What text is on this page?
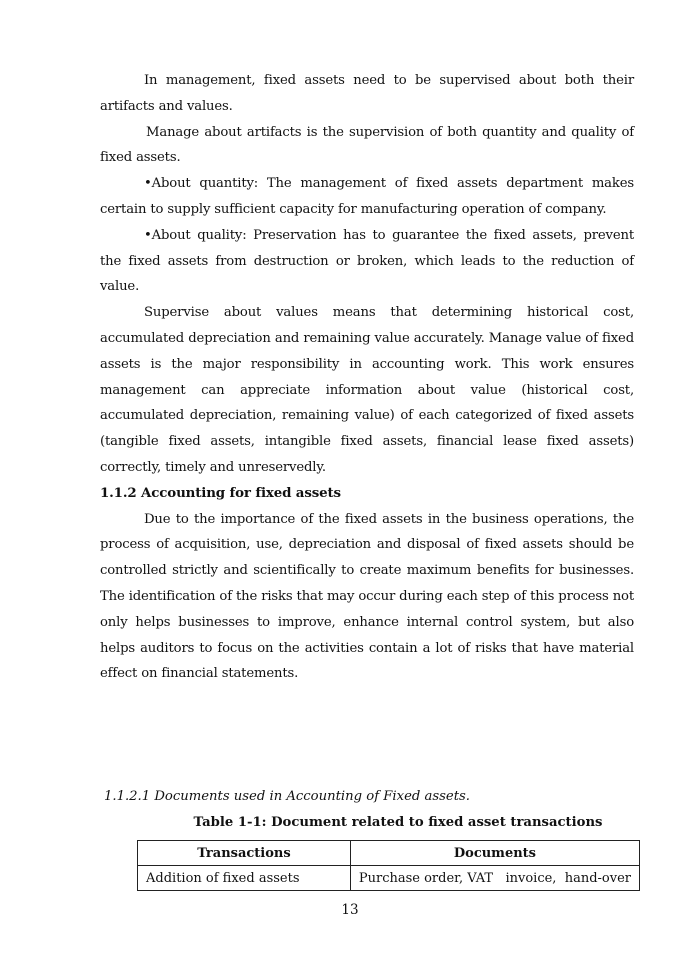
In management, fixed assets need to be supervised about both their artifacts and values.

Manage about artifacts is the supervision of both quantity and quality of fixed assets.

•About quantity: The management of fixed assets department makes certain to supply sufficient capacity for manufacturing operation of company.

•About quality: Preservation has to guarantee the fixed assets, prevent the fixed assets from destruction or broken, which leads to the reduction of value.

Supervise about values means that determining historical cost, accumulated depreciation and remaining value accurately. Manage value of fixed assets is the major responsibility in accounting work. This work ensures management can appreciate information about value (historical cost, accumulated depreciation, remaining value) of each categorized of fixed assets (tangible fixed assets, intangible fixed assets, financial lease fixed assets) correctly, timely and unreservedly.

1.1.2 Accounting for fixed assets

Due to the importance of the fixed assets in the business operations, the process of acquisition, use, depreciation and disposal of fixed assets should be controlled strictly and scientifically to create maximum benefits for businesses. The identification of the risks that may occur during each step of this process not only helps businesses to improve, enhance internal control system, but also helps auditors to focus on the activities contain a lot of risks that have material effect on financial statements.

1.1.2.1 Documents used in Accounting of Fixed assets.
Table 1-1: Document related to fixed asset transactions
Transactions	Documents
Addition of fixed assets	Purchase order, VAT   invoice,  hand-over
13
